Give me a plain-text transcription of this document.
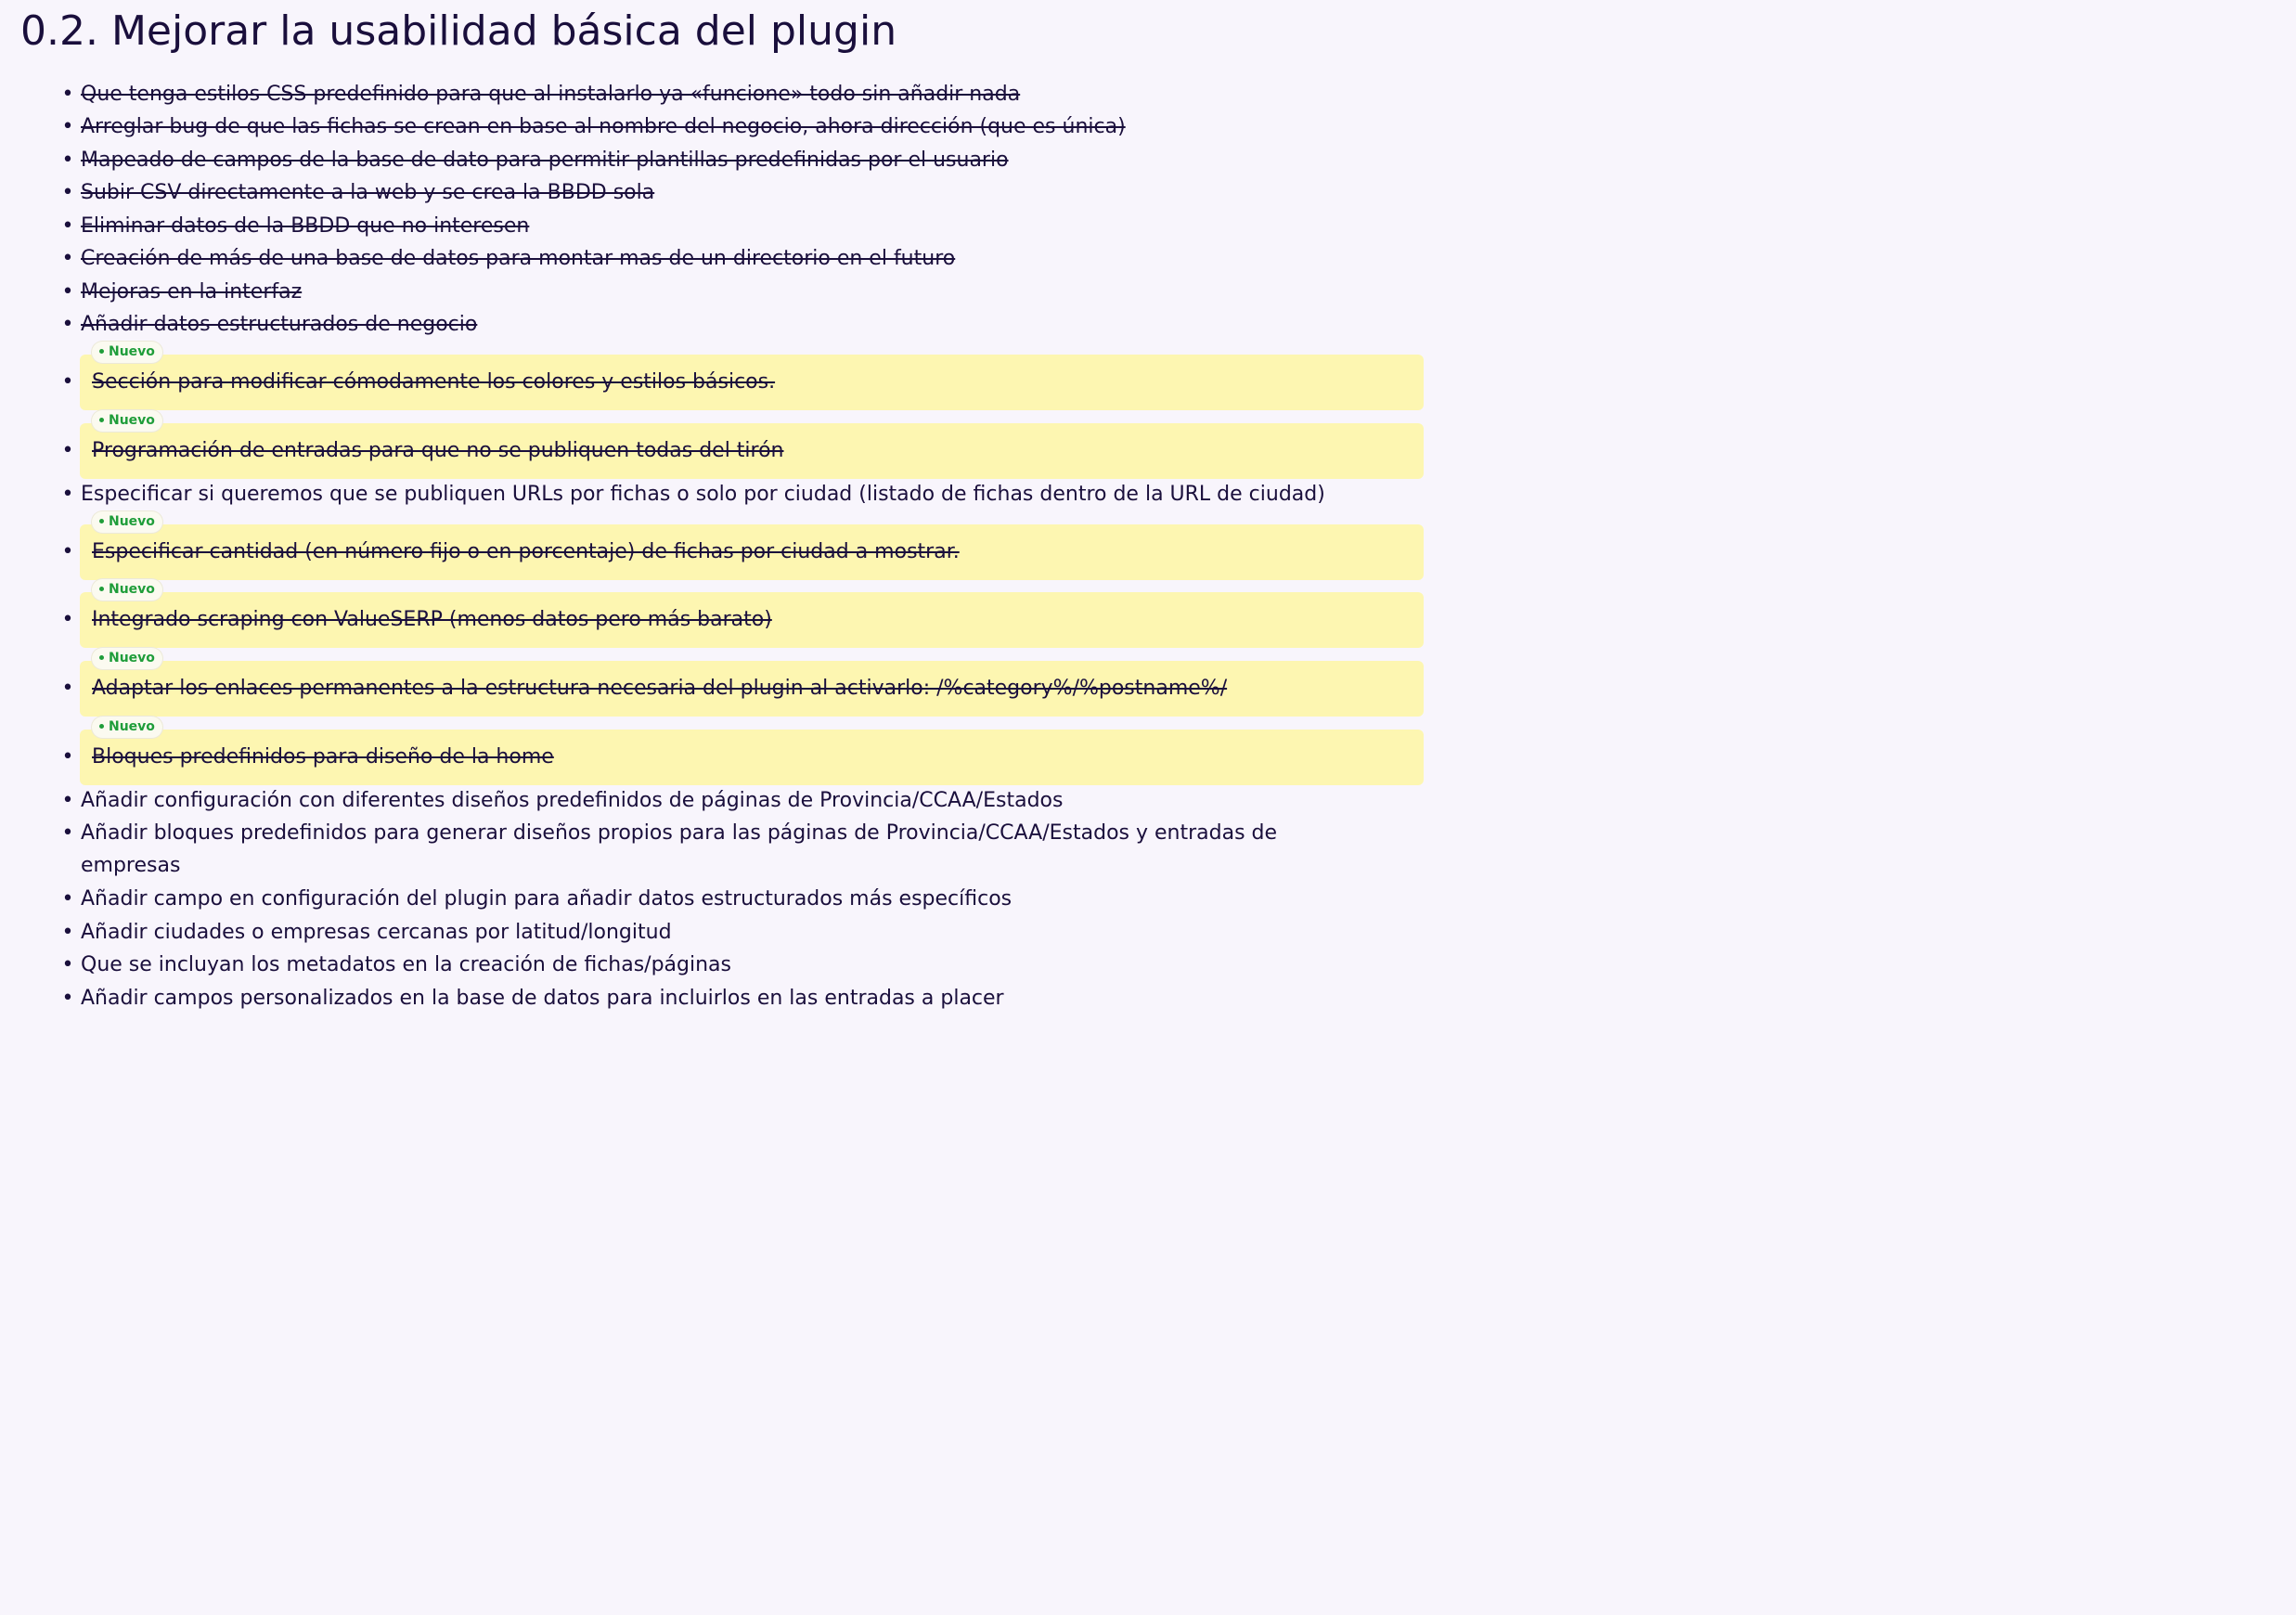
0.2. Mejorar la usabilidad básica del plugin
• Que tenga estilos CSS predefinido para que al instalarlo ya «funcione» todo sin añadir nada
• Arreglar bug de que las fichas se crean en base al nombre del negocio, ahora dirección (que es única)
• Mapeado de campos de la base de dato para permitir plantillas predefinidas por el usuario
• Subir CSV directamente a la web y se crea la BBDD sola
• Eliminar datos de la BBDD que no interesen
• Creación de más de una base de datos para montar mas de un directorio en el futuro
• Mejoras en la interfaz
• Añadir datos estructurados de negocio
Sección para modificar cómodamente los colores y estilos básicos.
•
Nuevo
Programación de entradas para que no se publiquen todas del tirón
•
Nuevo
• Especificar si queremos que se publiquen URLs por fichas o solo por ciudad (listado de fichas dentro de la URL de ciudad)
Especificar cantidad (en número fijo o en porcentaje) de fichas por ciudad a mostrar.
•
Nuevo
Integrado scraping con ValueSERP (menos datos pero más barato)
•
Nuevo
Adaptar los enlaces permanentes a la estructura necesaria del plugin al activarlo: /%category%/%postname%/
•
Nuevo
Bloques predefinidos para diseño de la home
•
Nuevo
• Añadir configuración con diferentes diseños predefinidos de páginas de Provincia/CCAA/Estados
• Añadir bloques predefinidos para generar diseños propios para las páginas de Provincia/CCAA/Estados y entradas de empresas
• Añadir campo en configuración del plugin para añadir datos estructurados más específicos
• Añadir ciudades o empresas cercanas por latitud/longitud
• Que se incluyan los metadatos en la creación de fichas/páginas
• Añadir campos personalizados en la base de datos para incluirlos en las entradas a placer
